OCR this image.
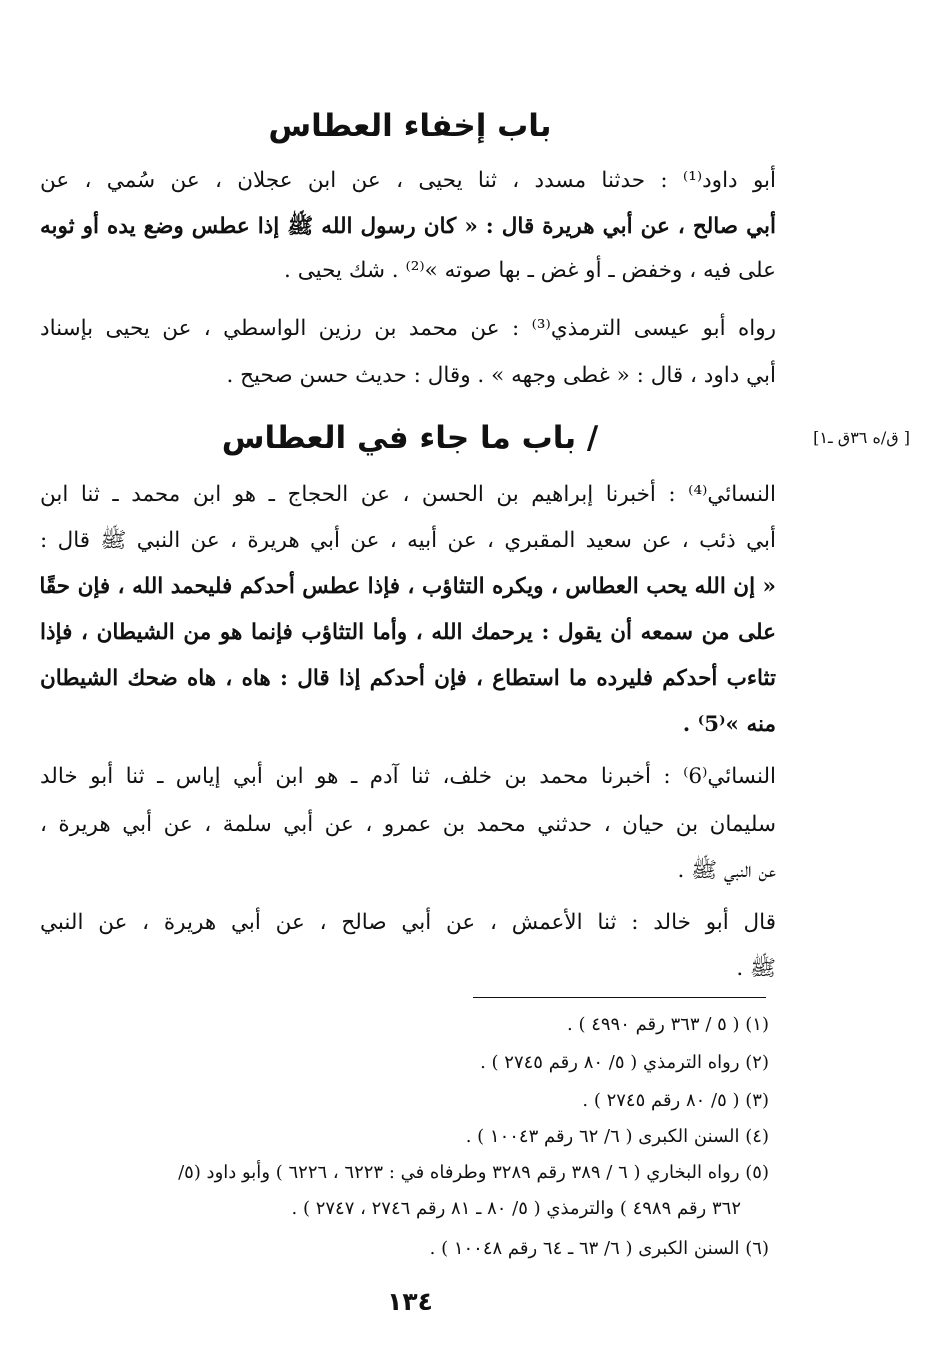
باب إخفاء العطاس
أبو داود⁽¹⁾ : حدثنا مسدد ، ثنا يحيى ، عن ابن عجلان ، عن سُمي ، عن
أبي صالح ، عن أبي هريرة قال : « كان رسول الله ﷺ إذا عطس وضع يده أو ثوبه
على فيه ، وخفض ـ أو غض ـ بها صوته »⁽²⁾ . شك يحيى .
رواه أبو عيسى الترمذي⁽³⁾ : عن محمد بن رزين الواسطي ، عن يحيى بإسناد
أبي داود ، قال : « غطى وجهه » . وقال : حديث حسن صحيح .
[ ق/ه ٣٦ق ـ١]
/ باب ما جاء في العطاس
النسائي⁽⁴⁾ : أخبرنا إبراهيم بن الحسن ، عن الحجاج ـ هو ابن محمد ـ ثنا ابن
أبي ذئب ، عن سعيد المقبري ، عن أبيه ، عن أبي هريرة ، عن النبي ﷺ قال :
« إن الله يحب العطاس ، ويكره التثاؤب ، فإذا عطس أحدكم فليحمد الله ، فإن حقًا
على من سمعه أن يقول : يرحمك الله ، وأما التثاؤب فإنما هو من الشيطان ، فإذا
تثاءب أحدكم فليرده ما استطاع ، فإن أحدكم إذا قال : هاه ، هاه ضحك الشيطان
منه »⁽5⁾ .
النسائي⁽6⁾ : أخبرنا محمد بن خلف، ثنا آدم ـ هو ابن أبي إياس ـ ثنا أبو خالد
سليمان بن حيان ، حدثني محمد بن عمرو ، عن أبي سلمة ، عن أبي هريرة ،
عن النبي ﷺ .
قال أبو خالد : ثنا الأعمش ، عن أبي صالح ، عن أبي هريرة ، عن النبي
ﷺ .
(١) ( ٥ / ٣٦٣ رقم ٤٩٩٠ ) .
(٢) رواه الترمذي ( ٥/ ٨٠ رقم ٢٧٤٥ ) .
(٣) ( ٥/ ٨٠ رقم ٢٧٤٥ ) .
(٤) السنن الكبرى ( ٦/ ٦٢ رقم ١٠٠٤٣ ) .
(٥) رواه البخاري ( ٦ / ٣٨٩ رقم ٣٢٨٩ وطرفاه في : ٦٢٢٣ ، ٦٢٢٦ ) وأبو داود (٥/
٣٦٢ رقم ٤٩٨٩ ) والترمذي ( ٥/ ٨٠ ـ ٨١ رقم ٢٧٤٦ ، ٢٧٤٧ ) .
(٦) السنن الكبرى ( ٦/ ٦٣ ـ ٦٤ رقم ١٠٠٤٨ ) .
١٣٤
